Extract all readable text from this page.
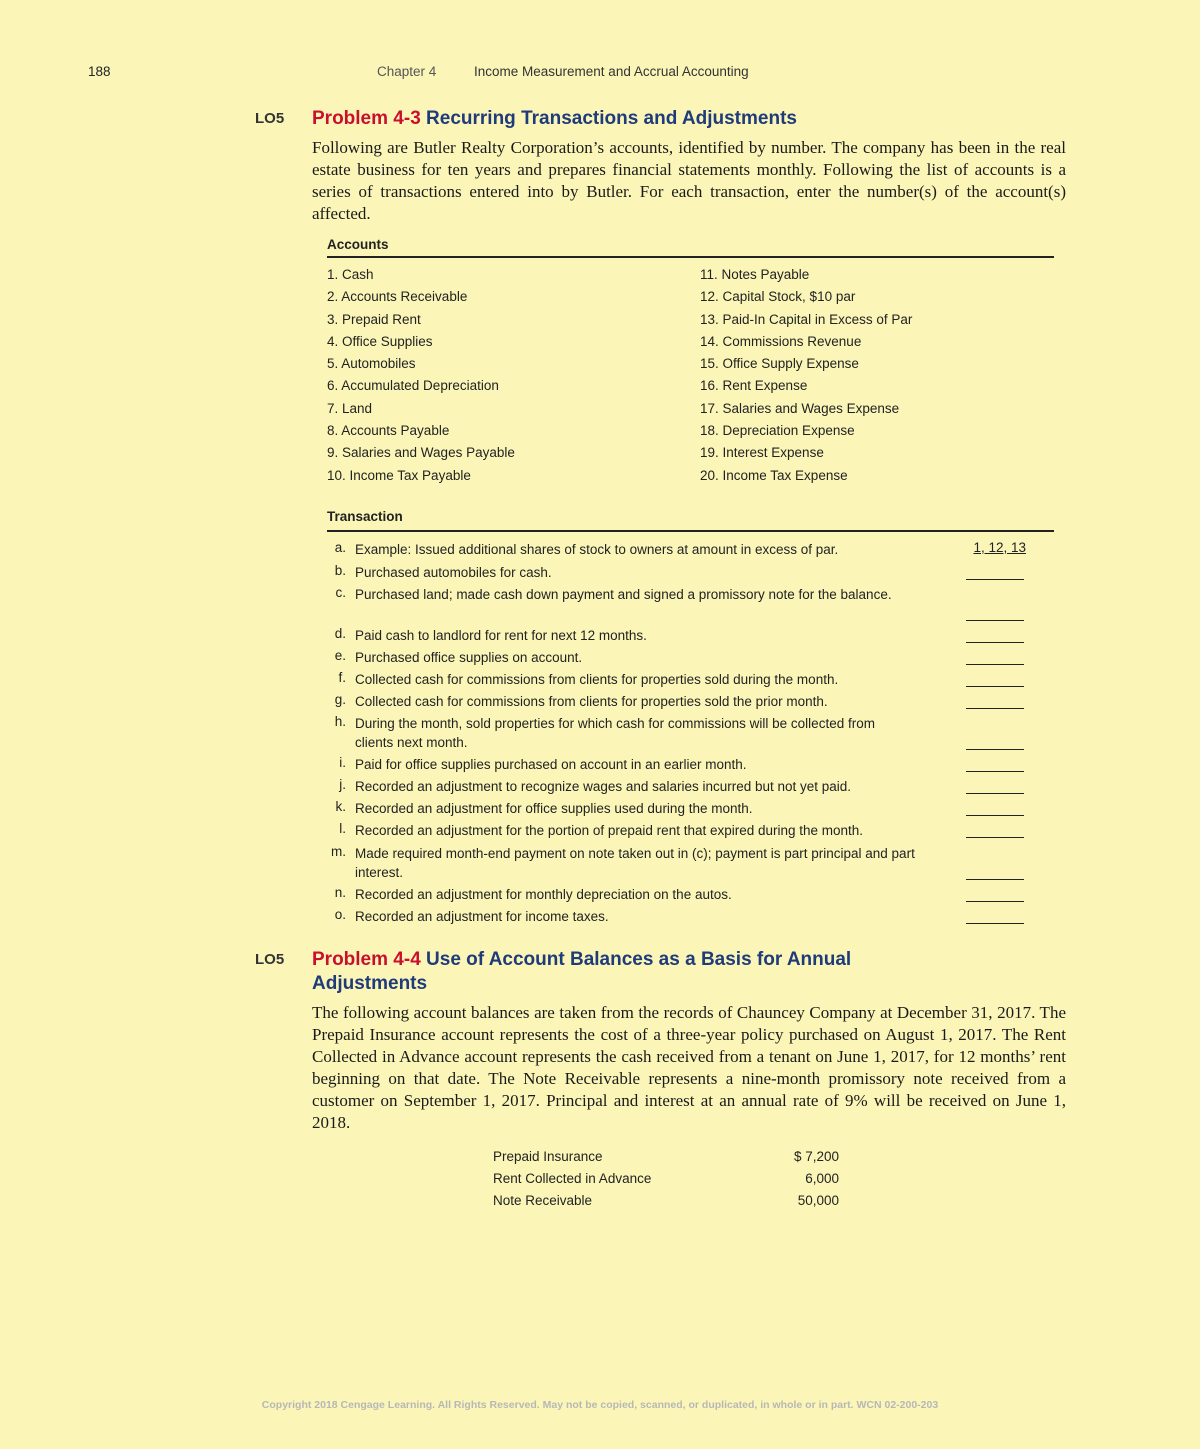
188	Chapter 4	Income Measurement and Accrual Accounting
LO5 Problem 4-3 Recurring Transactions and Adjustments
Following are Butler Realty Corporation’s accounts, identified by number. The company has been in the real estate business for ten years and prepares financial statements monthly. Following the list of accounts is a series of transactions entered into by Butler. For each transaction, enter the number(s) of the account(s) affected.
Accounts
1. Cash
2. Accounts Receivable
3. Prepaid Rent
4. Office Supplies
5. Automobiles
6. Accumulated Depreciation
7. Land
8. Accounts Payable
9. Salaries and Wages Payable
10. Income Tax Payable
11. Notes Payable
12. Capital Stock, $10 par
13. Paid-In Capital in Excess of Par
14. Commissions Revenue
15. Office Supply Expense
16. Rent Expense
17. Salaries and Wages Expense
18. Depreciation Expense
19. Interest Expense
20. Income Tax Expense
Transaction
a. Example: Issued additional shares of stock to owners at amount in excess of par.	1, 12, 13
b. Purchased automobiles for cash.
c. Purchased land; made cash down payment and signed a promissory note for the balance.
d. Paid cash to landlord for rent for next 12 months.
e. Purchased office supplies on account.
f. Collected cash for commissions from clients for properties sold during the month.
g. Collected cash for commissions from clients for properties sold the prior month.
h. During the month, sold properties for which cash for commissions will be collected from clients next month.
i. Paid for office supplies purchased on account in an earlier month.
j. Recorded an adjustment to recognize wages and salaries incurred but not yet paid.
k. Recorded an adjustment for office supplies used during the month.
l. Recorded an adjustment for the portion of prepaid rent that expired during the month.
m. Made required month-end payment on note taken out in (c); payment is part principal and part interest.
n. Recorded an adjustment for monthly depreciation on the autos.
o. Recorded an adjustment for income taxes.
LO5 Problem 4-4 Use of Account Balances as a Basis for Annual
Adjustments
The following account balances are taken from the records of Chauncey Company at December 31, 2017. The Prepaid Insurance account represents the cost of a three-year policy purchased on August 1, 2017. The Rent Collected in Advance account represents the cash received from a tenant on June 1, 2017, for 12 months’ rent beginning on that date. The Note Receivable represents a nine-month promissory note received from a customer on September 1, 2017. Principal and interest at an annual rate of 9% will be received on June 1, 2018.
Prepaid Insurance	$ 7,200
Rent Collected in Advance	6,000
Note Receivable	50,000
Copyright 2018 Cengage Learning. All Rights Reserved. May not be copied, scanned, or duplicated, in whole or in part. WCN 02-200-203
